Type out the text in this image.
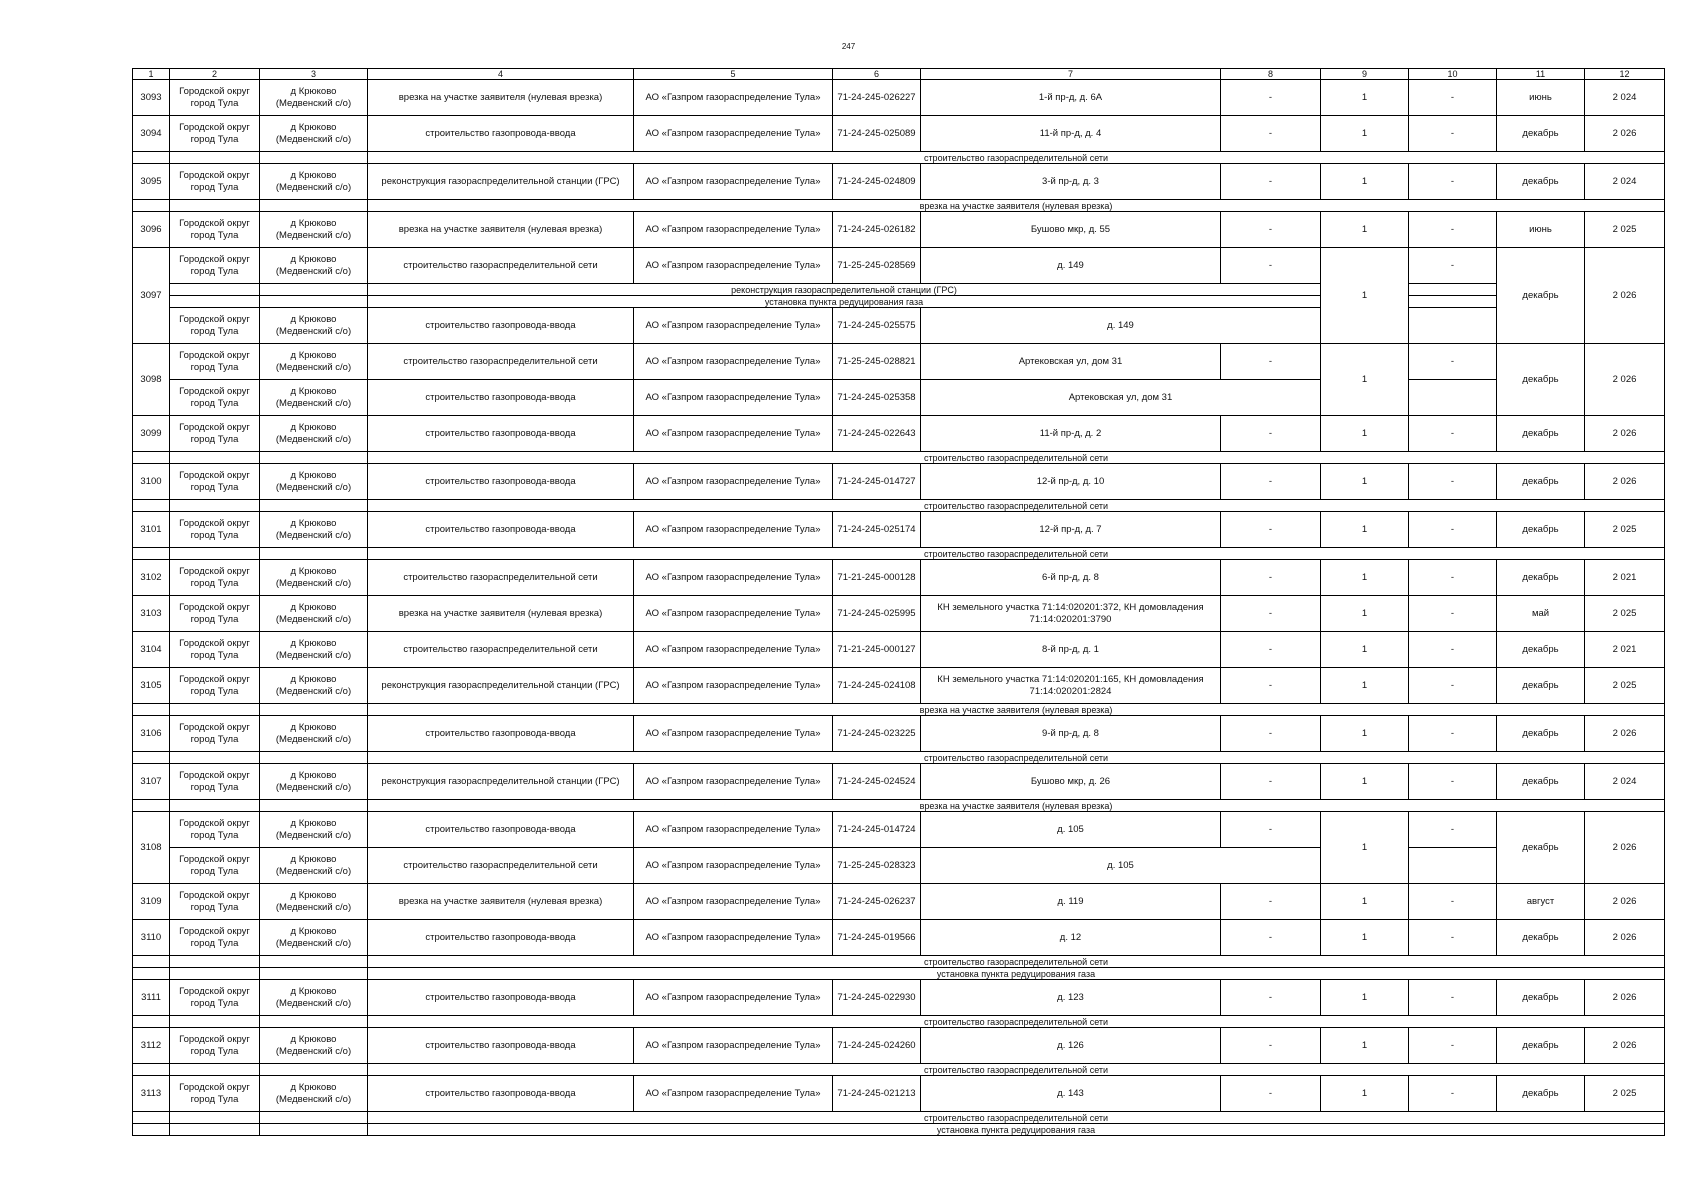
247
1	2	3	4	5	6	7	8	9	10	11	12
3093	Городской округ город Тула	д Крюково (Медвенский с/о)	врезка на участке заявителя (нулевая врезка)	АО «Газпром газораспределение Тула»	71-24-245-026227	1-й пр-д, д. 6А	-	1	-	июнь	2 024
3094	Городской округ город Тула	д Крюково (Медвенский с/о)	строительство газопровода-ввода	АО «Газпром газораспределение Тула»	71-24-245-025089	11-й пр-д, д. 4	-	1	-	декабрь	2 026
			строительство газораспределительной сети								
3095	Городской округ город Тула	д Крюково (Медвенский с/о)	реконструкция газораспределительной станции (ГРС)	АО «Газпром газораспределение Тула»	71-24-245-024809	3-й пр-д, д. 3	-	1	-	декабрь	2 024
			врезка на участке заявителя (нулевая врезка)								
3096	Городской округ город Тула	д Крюково (Медвенский с/о)	врезка на участке заявителя (нулевая врезка)	АО «Газпром газораспределение Тула»	71-24-245-026182	Бушово мкр, д. 55	-	1	-	июнь	2 025
3097	Городской округ город Тула	д Крюково (Медвенский с/о)	строительство газораспределительной сети	АО «Газпром газораспределение Тула»	71-25-245-028569	д. 149	-	1	-	декабрь	2 026
			реконструкция газораспределительной станции (ГРС)								
			установка пункта редуцирования газа								
	Городской округ город Тула	д Крюково (Медвенский с/о)	строительство газопровода-ввода	АО «Газпром газораспределение Тула»	71-24-245-025575	д. 149					
3098	Городской округ город Тула	д Крюково (Медвенский с/о)	строительство газораспределительной сети	АО «Газпром газораспределение Тула»	71-25-245-028821	Артековская ул, дом 31	-	1	-	декабрь	2 026
	Городской округ город Тула	д Крюково (Медвенский с/о)	строительство газопровода-ввода	АО «Газпром газораспределение Тула»	71-24-245-025358	Артековская ул, дом 31					
3099	Городской округ город Тула	д Крюково (Медвенский с/о)	строительство газопровода-ввода	АО «Газпром газораспределение Тула»	71-24-245-022643	11-й пр-д, д. 2	-	1	-	декабрь	2 026
			строительство газораспределительной сети								
3100	Городской округ город Тула	д Крюково (Медвенский с/о)	строительство газопровода-ввода	АО «Газпром газораспределение Тула»	71-24-245-014727	12-й пр-д, д. 10	-	1	-	декабрь	2 026
			строительство газораспределительной сети								
3101	Городской округ город Тула	д Крюково (Медвенский с/о)	строительство газопровода-ввода	АО «Газпром газораспределение Тула»	71-24-245-025174	12-й пр-д, д. 7	-	1	-	декабрь	2 025
			строительство газораспределительной сети								
3102	Городской округ город Тула	д Крюково (Медвенский с/о)	строительство газораспределительной сети	АО «Газпром газораспределение Тула»	71-21-245-000128	6-й пр-д, д. 8	-	1	-	декабрь	2 021
3103	Городской округ город Тула	д Крюково (Медвенский с/о)	врезка на участке заявителя (нулевая врезка)	АО «Газпром газораспределение Тула»	71-24-245-025995	КН земельного участка 71:14:020201:372, КН домовладения 71:14:020201:3790	-	1	-	май	2 025
3104	Городской округ город Тула	д Крюково (Медвенский с/о)	строительство газораспределительной сети	АО «Газпром газораспределение Тула»	71-21-245-000127	8-й пр-д, д. 1	-	1	-	декабрь	2 021
3105	Городской округ город Тула	д Крюково (Медвенский с/о)	реконструкция газораспределительной станции (ГРС)	АО «Газпром газораспределение Тула»	71-24-245-024108	КН земельного участка 71:14:020201:165, КН домовладения 71:14:020201:2824	-	1	-	декабрь	2 025
			врезка на участке заявителя (нулевая врезка)								
3106	Городской округ город Тула	д Крюково (Медвенский с/о)	строительство газопровода-ввода	АО «Газпром газораспределение Тула»	71-24-245-023225	9-й пр-д, д. 8	-	1	-	декабрь	2 026
			строительство газораспределительной сети								
3107	Городской округ город Тула	д Крюково (Медвенский с/о)	реконструкция газораспределительной станции (ГРС)	АО «Газпром газораспределение Тула»	71-24-245-024524	Бушово мкр, д. 26	-	1	-	декабрь	2 024
			врезка на участке заявителя (нулевая врезка)								
3108	Городской округ город Тула	д Крюково (Медвенский с/о)	строительство газопровода-ввода	АО «Газпром газораспределение Тула»	71-24-245-014724	д. 105	-	1	-	декабрь	2 026
	Городской округ город Тула	д Крюково (Медвенский с/о)	строительство газораспределительной сети	АО «Газпром газораспределение Тула»	71-25-245-028323	д. 105					
3109	Городской округ город Тула	д Крюково (Медвенский с/о)	врезка на участке заявителя (нулевая врезка)	АО «Газпром газораспределение Тула»	71-24-245-026237	д. 119	-	1	-	август	2 026
3110	Городской округ город Тула	д Крюково (Медвенский с/о)	строительство газопровода-ввода	АО «Газпром газораспределение Тула»	71-24-245-019566	д. 12	-	1	-	декабрь	2 026
			строительство газораспределительной сети								
			установка пункта редуцирования газа								
3111	Городской округ город Тула	д Крюково (Медвенский с/о)	строительство газопровода-ввода	АО «Газпром газораспределение Тула»	71-24-245-022930	д. 123	-	1	-	декабрь	2 026
			строительство газораспределительной сети								
3112	Городской округ город Тула	д Крюково (Медвенский с/о)	строительство газопровода-ввода	АО «Газпром газораспределение Тула»	71-24-245-024260	д. 126	-	1	-	декабрь	2 026
			строительство газораспределительной сети								
3113	Городской округ город Тула	д Крюково (Медвенский с/о)	строительство газопровода-ввода	АО «Газпром газораспределение Тула»	71-24-245-021213	д. 143	-	1	-	декабрь	2 025
			строительство газораспределительной сети								
			установка пункта редуцирования газа								
